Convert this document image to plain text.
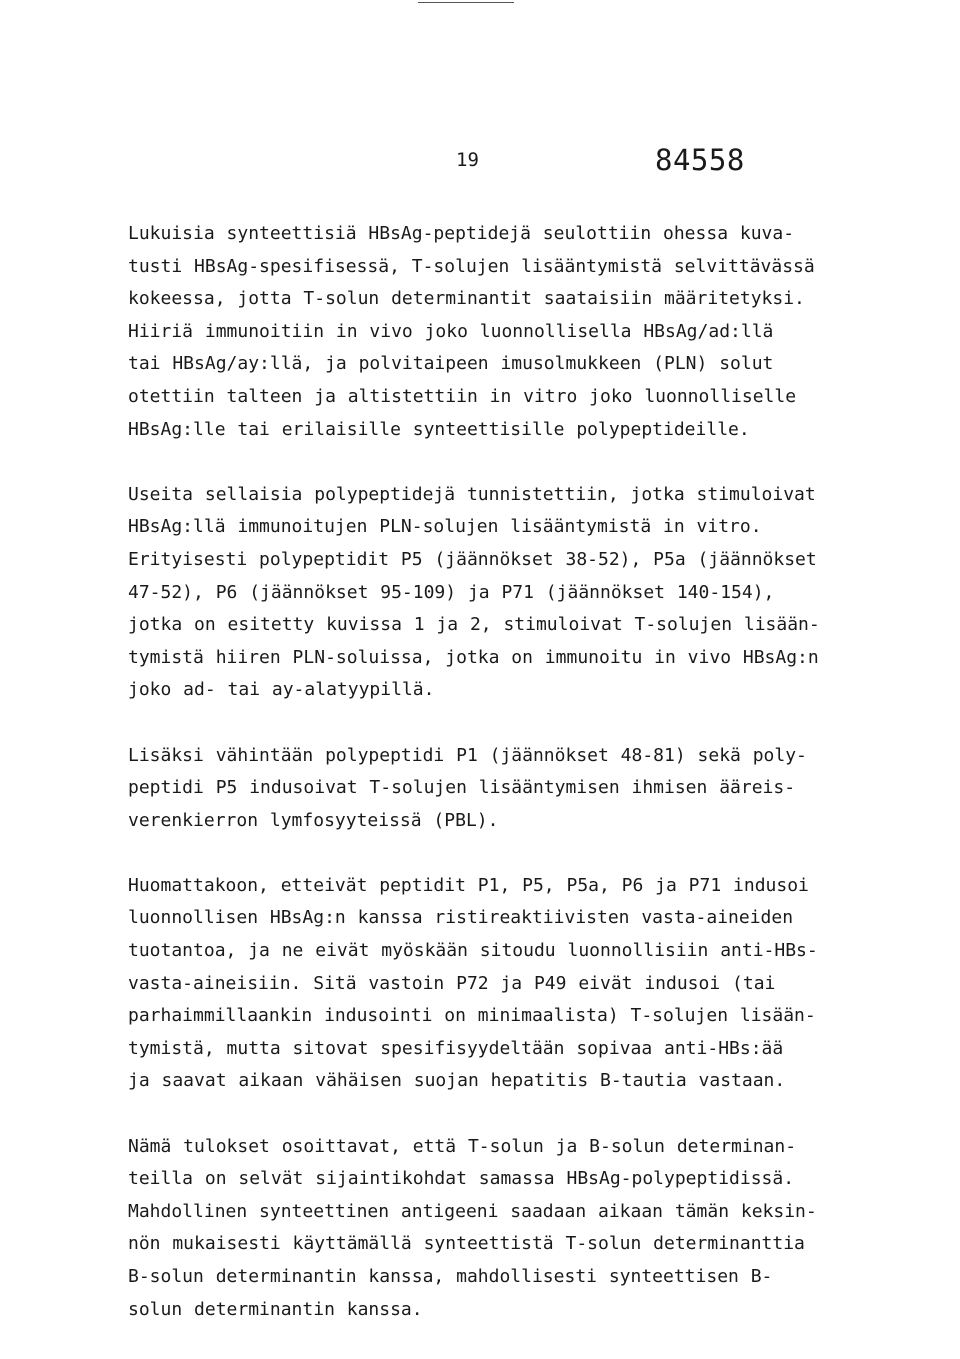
19	84558

Lukuisia synteettisiä HBsAg-peptidejä seulottiin ohessa kuva-
tusti HBsAg-spesifisessä, T-solujen lisääntymistä selvittävässä
kokeessa, jotta T-solun determinantit saataisiin määritetyksi.
Hiiriä immunoitiin in vivo joko luonnollisella HBsAg/ad:llä
tai HBsAg/ay:llä, ja polvitaipeen imusolmukkeen (PLN) solut
otettiin talteen ja altistettiin in vitro joko luonnolliselle
HBsAg:lle tai erilaisille synteettisille polypeptideille.
Useita sellaisia polypeptidejä tunnistettiin, jotka stimuloivat
HBsAg:llä immunoitujen PLN-solujen lisääntymistä in vitro.
Erityisesti polypeptidit P5 (jäännökset 38-52), P5a (jäännökset
47-52), P6 (jäännökset 95-109) ja P71 (jäännökset 140-154),
jotka on esitetty kuvissa 1 ja 2, stimuloivat T-solujen lisään-
tymistä hiiren PLN-soluissa, jotka on immunoitu in vivo HBsAg:n
joko ad- tai ay-alatyypillä.
Lisäksi vähintään polypeptidi P1 (jäännökset 48-81) sekä poly-
peptidi P5 indusoivat T-solujen lisääntymisen ihmisen ääreis-
verenkierron lymfosyyteissä (PBL).
Huomattakoon, etteivät peptidit P1, P5, P5a, P6 ja P71 indusoi
luonnollisen HBsAg:n kanssa ristireaktiivisten vasta-aineiden
tuotantoa, ja ne eivät myöskään sitoudu luonnollisiin anti-HBs-
vasta-aineisiin. Sitä vastoin P72 ja P49 eivät indusoi (tai
parhaimmillaankin indusointi on minimaalista) T-solujen lisään-
tymistä, mutta sitovat spesifisyydeltään sopivaa anti-HBs:ää
ja saavat aikaan vähäisen suojan hepatitis B-tautia vastaan.
Nämä tulokset osoittavat, että T-solun ja B-solun determinan-
teilla on selvät sijaintikohdat samassa HBsAg-polypeptidissä.
Mahdollinen synteettinen antigeeni saadaan aikaan tämän keksin-
nön mukaisesti käyttämällä synteettistä T-solun determinanttia
B-solun determinantin kanssa, mahdollisesti synteettisen B-
solun determinantin kanssa.
